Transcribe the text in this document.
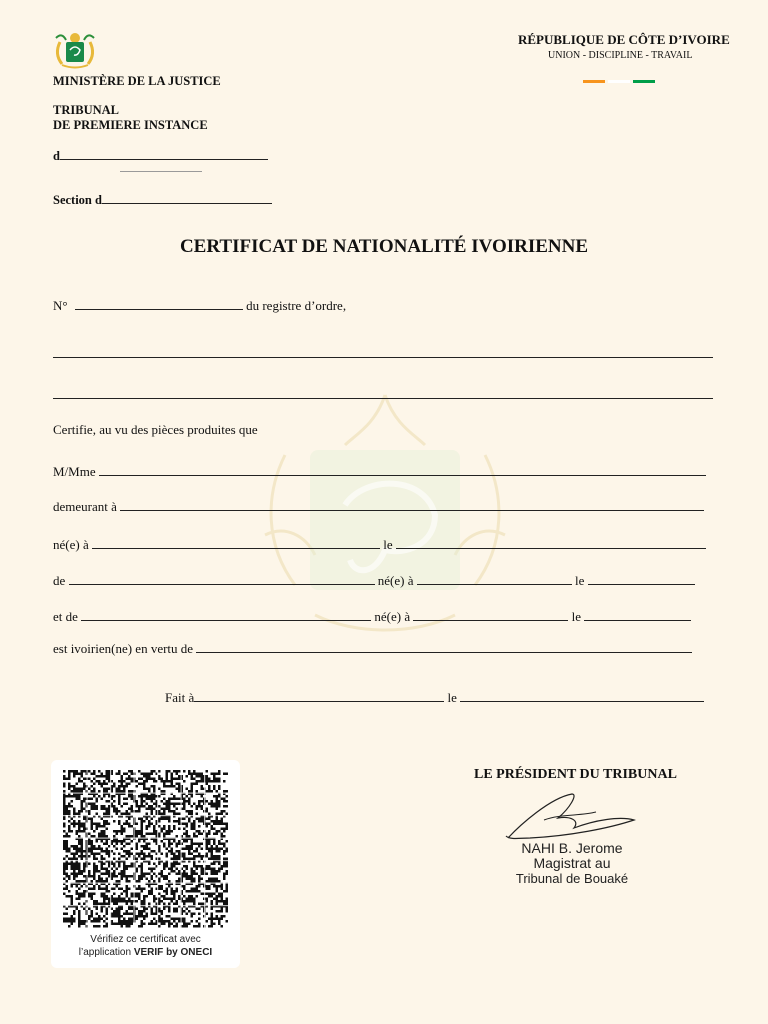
MINISTÈRE DE LA JUSTICE
TRIBUNAL
DE PREMIERE INSTANCE
d
Section d
RÉPUBLIQUE DE CÔTE D’IVOIRE
UNION - DISCIPLINE - TRAVAIL
CERTIFICAT DE NATIONALITÉ IVOIRIENNE
N°	du registre d’ordre,
Certifie, au vu des pièces produites que
M/Mme
demeurant à
né(e) à	le
de	né(e) à	le
et de	né(e) à	le
est ivoirien(ne) en vertu de
Fait à	le
Vérifiez ce certificat avec
l’application VERIF by ONECI
LE PRÉSIDENT DU TRIBUNAL
NAHI B. Jerome
Magistrat au
Tribunal de Bouaké
